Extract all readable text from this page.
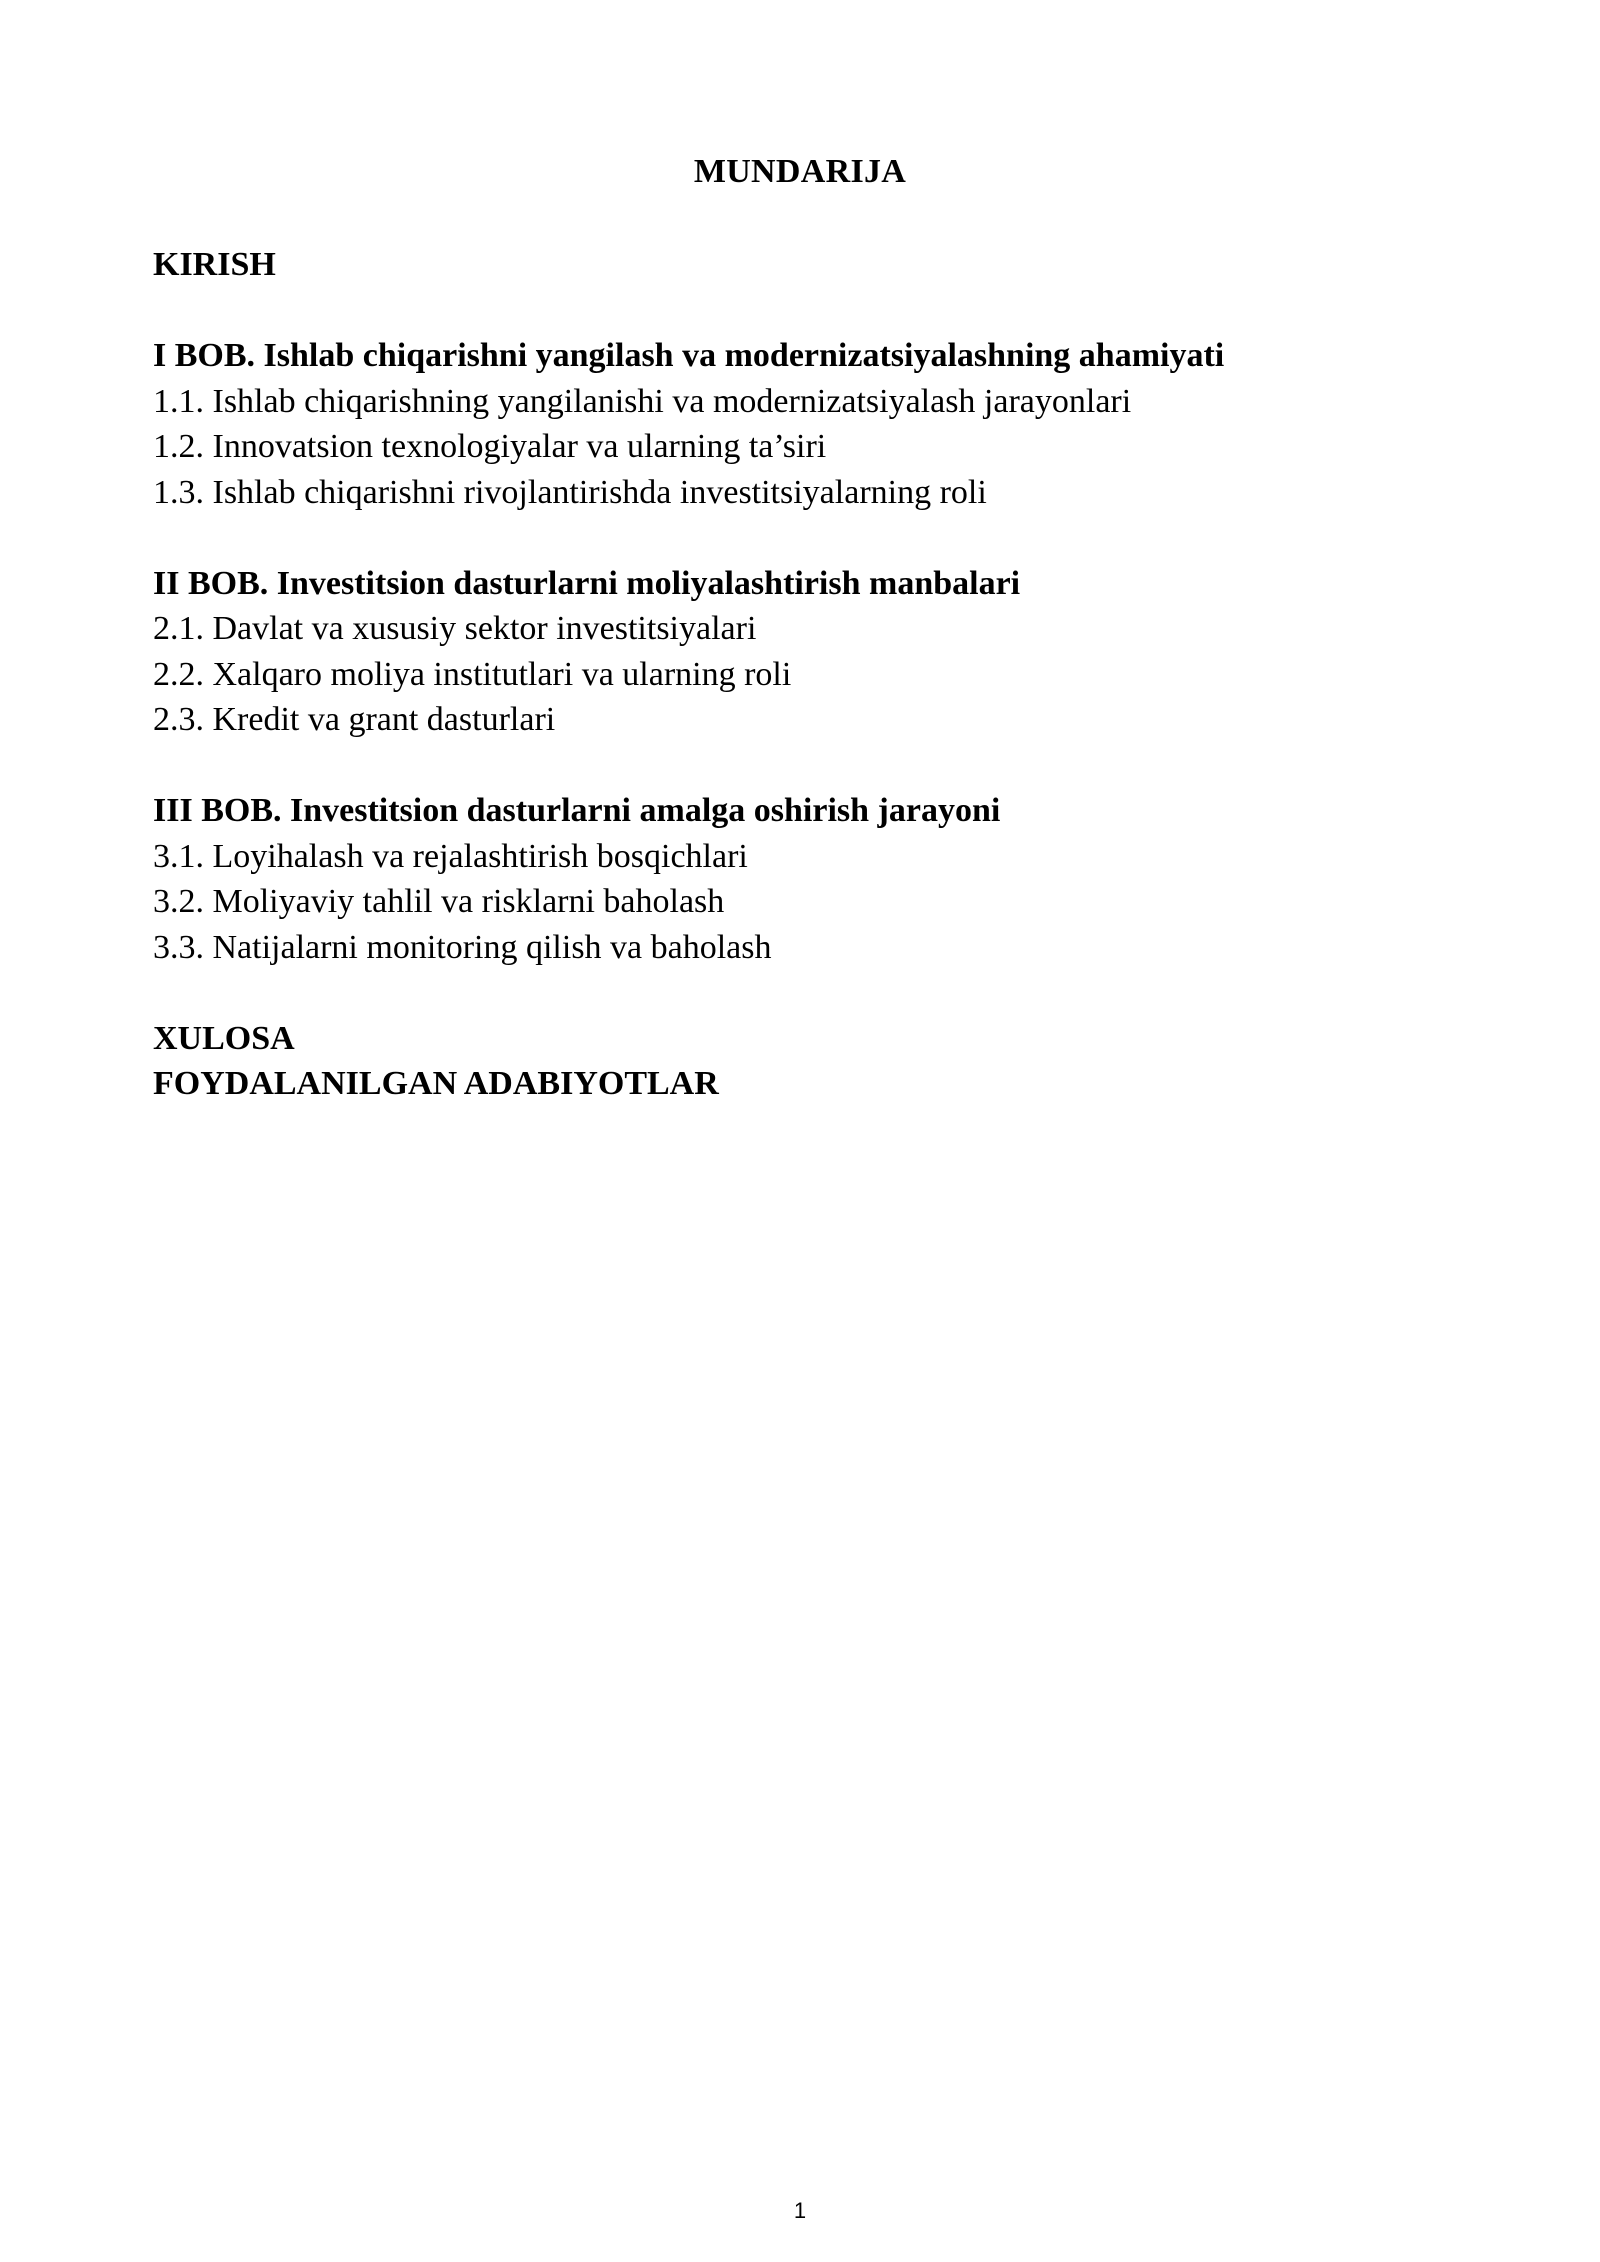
MUNDARIJA

KIRISH

I BOB. Ishlab chiqarishni yangilash va modernizatsiyalashning ahamiyati

1.1. Ishlab chiqarishning yangilanishi va modernizatsiyalash jarayonlari

1.2. Innovatsion texnologiyalar va ularning ta’siri

1.3. Ishlab chiqarishni rivojlantirishda investitsiyalarning roli

II BOB. Investitsion dasturlarni moliyalashtirish manbalari

2.1. Davlat va xususiy sektor investitsiyalari

2.2. Xalqaro moliya institutlari va ularning roli

2.3. Kredit va grant dasturlari

III BOB. Investitsion dasturlarni amalga oshirish jarayoni

3.1. Loyihalash va rejalashtirish bosqichlari

3.2. Moliyaviy tahlil va risklarni baholash

3.3. Natijalarni monitoring qilish va baholash

XULOSA

FOYDALANILGAN ADABIYOTLAR

1
